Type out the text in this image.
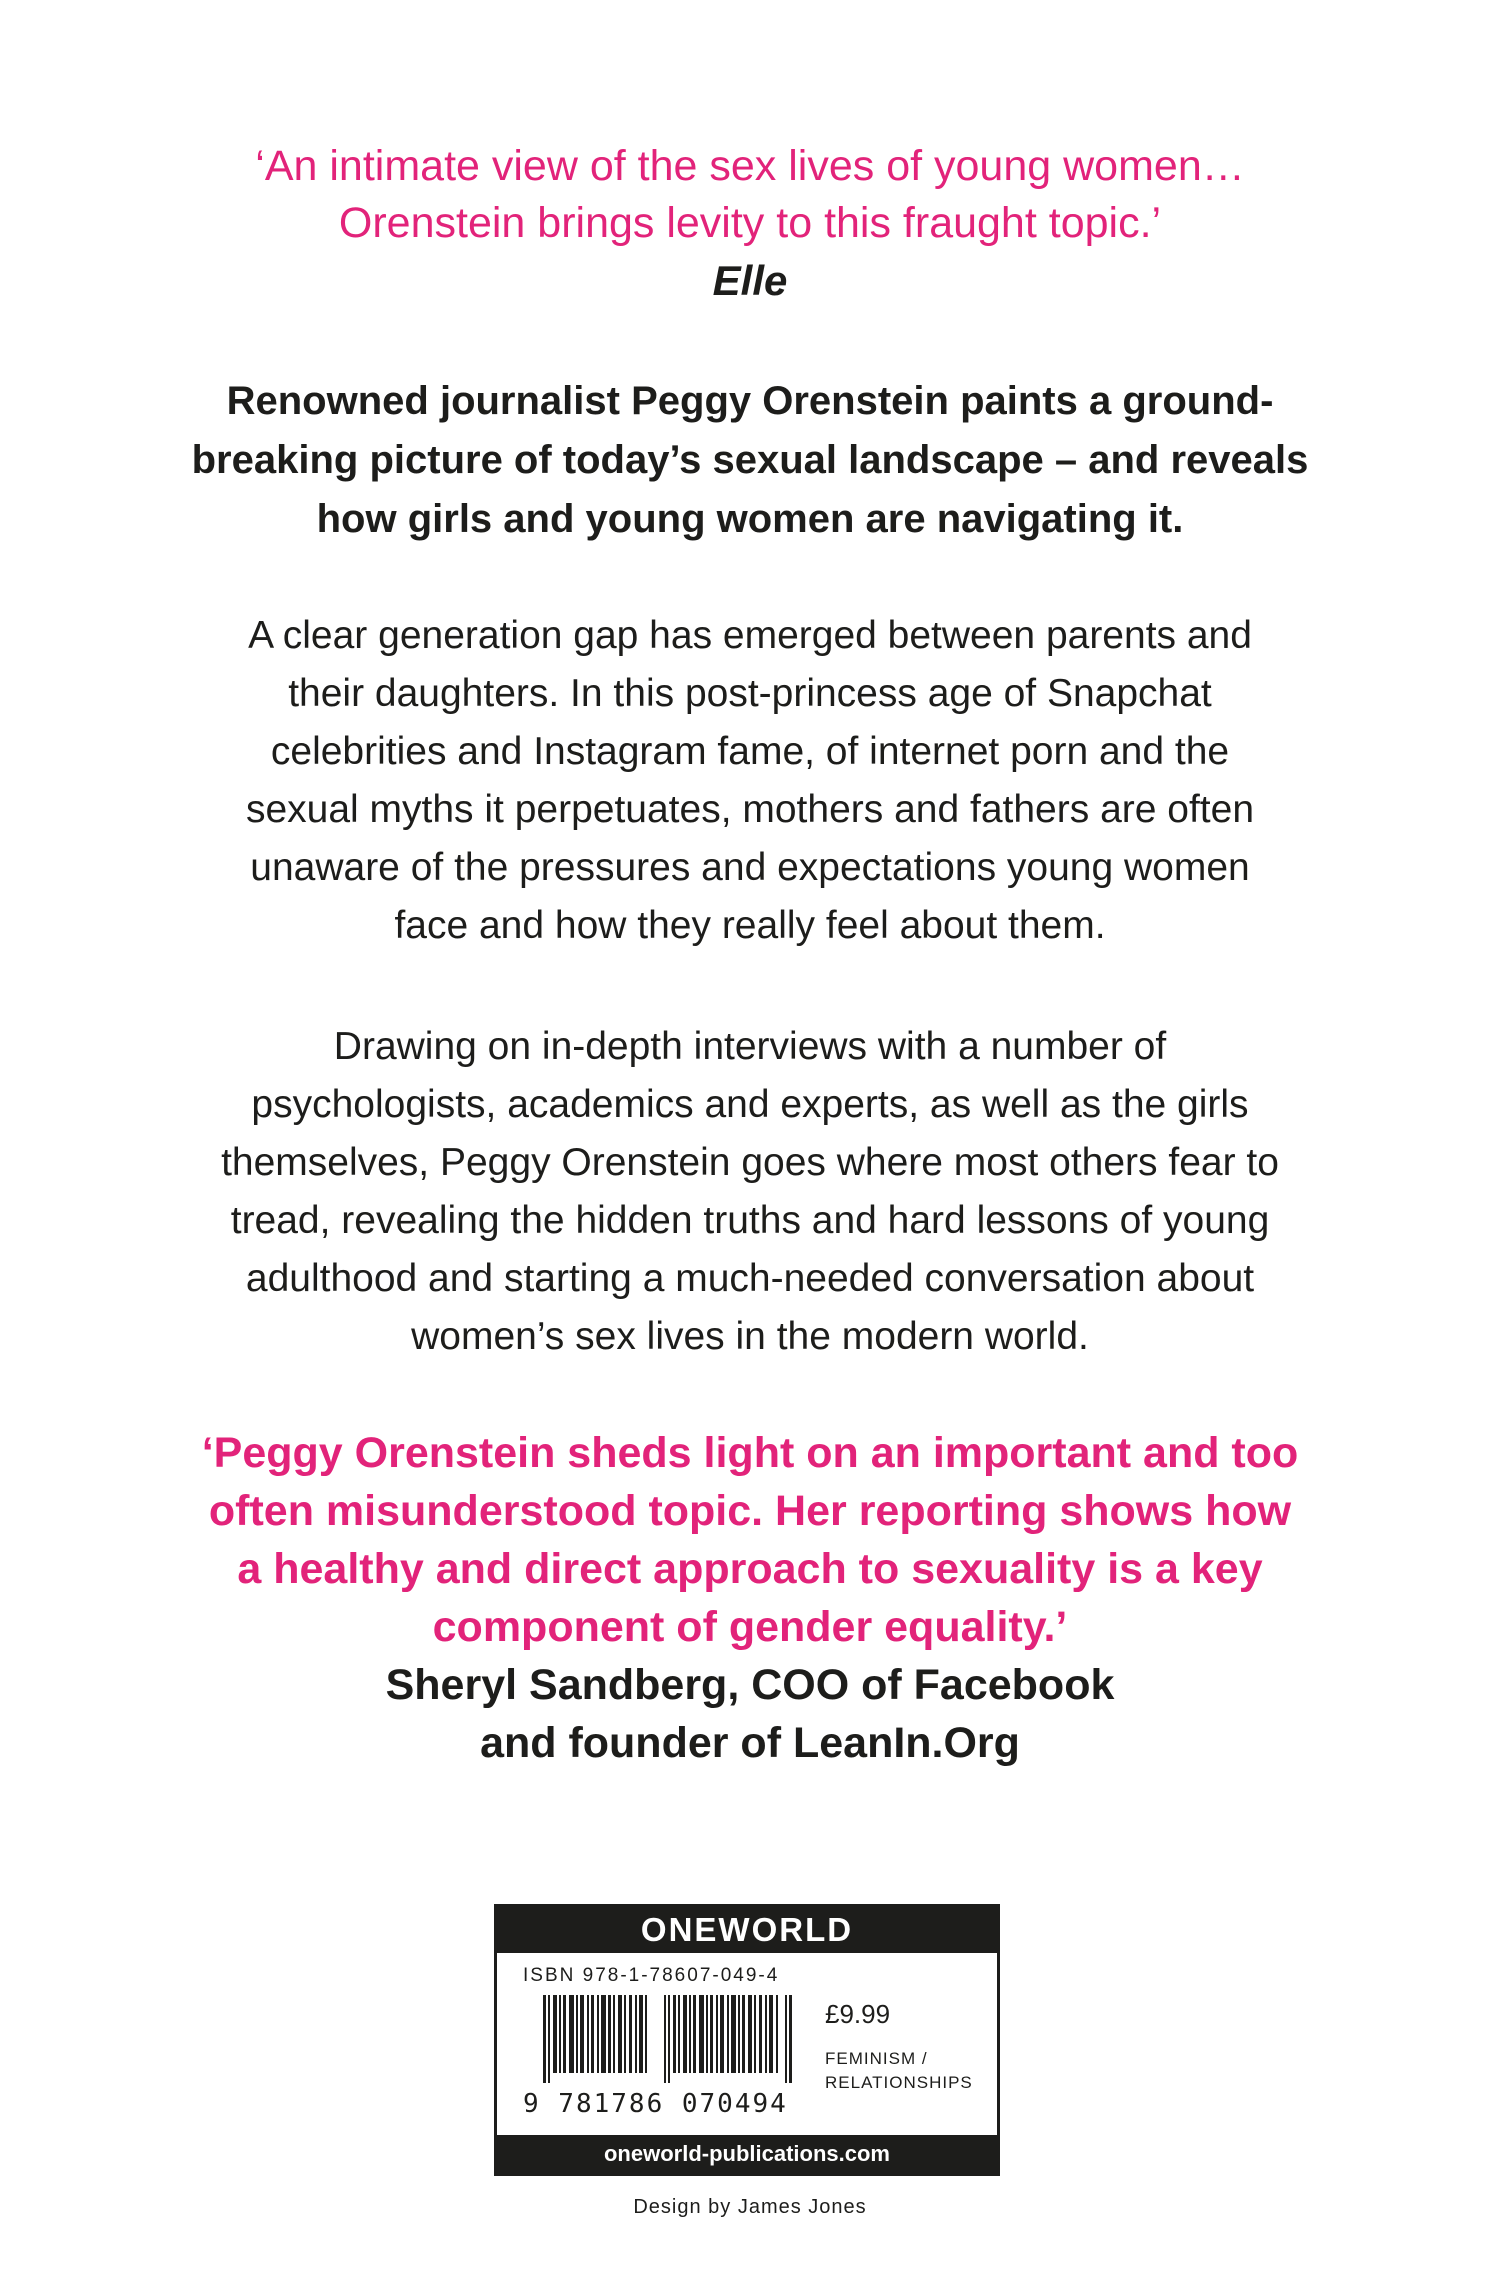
‘An intimate view of the sex lives of young women…
Orenstein brings levity to this fraught topic.’
Elle
Renowned journalist Peggy Orenstein paints a ground-
breaking picture of today’s sexual landscape – and reveals
how girls and young women are navigating it.
A clear generation gap has emerged between parents and
their daughters. In this post-princess age of Snapchat
celebrities and Instagram fame, of internet porn and the
sexual myths it perpetuates, mothers and fathers are often
unaware of the pressures and expectations young women
face and how they really feel about them.
Drawing on in-depth interviews with a number of
psychologists, academics and experts, as well as the girls
themselves, Peggy Orenstein goes where most others fear to
tread, revealing the hidden truths and hard lessons of young
adulthood and starting a much-needed conversation about
women’s sex lives in the modern world.
‘Peggy Orenstein sheds light on an important and too
often misunderstood topic. Her reporting shows how
a healthy and direct approach to sexuality is a key
component of gender equality.’
Sheryl Sandberg, COO of Facebook
and founder of LeanIn.Org
ONEWORLD
ISBN 978-1-78607-049-4
9 781786 070494
£9.99
FEMINISM /
RELATIONSHIPS
oneworld-publications.com
Design by James Jones
